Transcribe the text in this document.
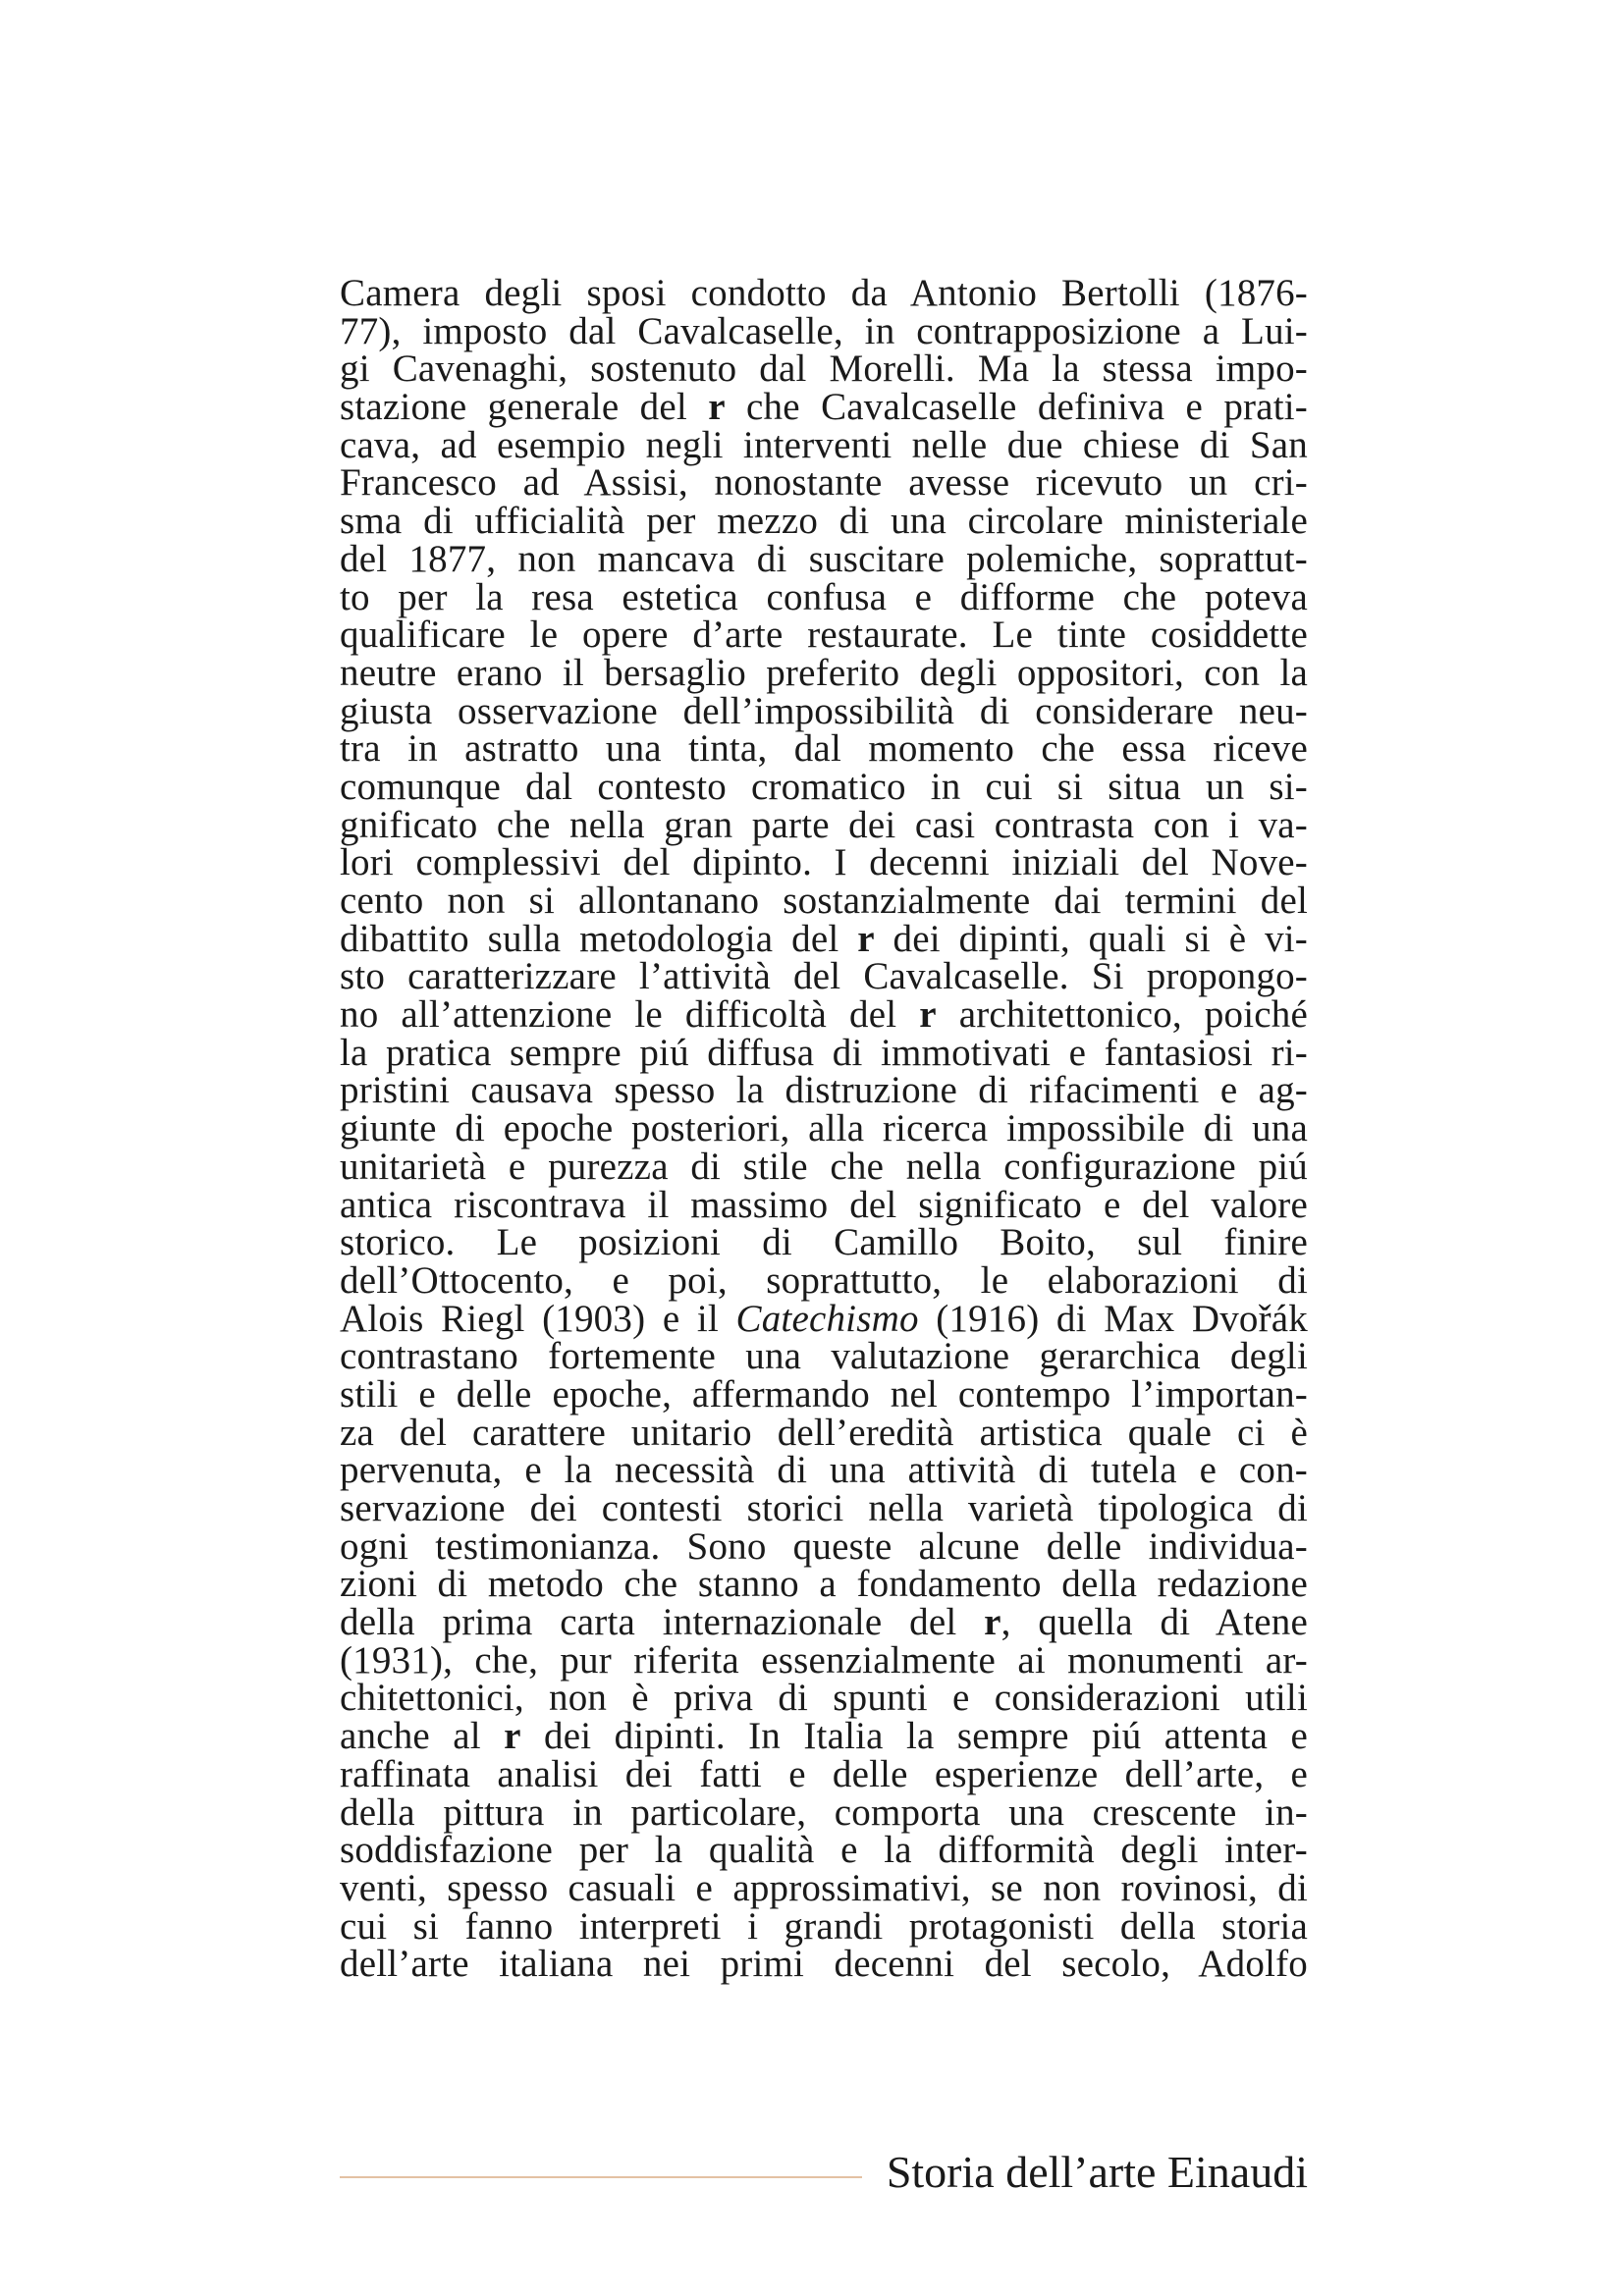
Camera degli sposi condotto da Antonio Bertolli (1876-
77), imposto dal Cavalcaselle, in contrapposizione a Lui-
gi Cavenaghi, sostenuto dal Morelli. Ma la stessa impo-
stazione generale del r che Cavalcaselle definiva e prati-
cava, ad esempio negli interventi nelle due chiese di San
Francesco ad Assisi, nonostante avesse ricevuto un cri-
sma di ufficialità per mezzo di una circolare ministeriale
del 1877, non mancava di suscitare polemiche, soprattut-
to per la resa estetica confusa e difforme che poteva
qualificare le opere d’arte restaurate. Le tinte cosiddette
neutre erano il bersaglio preferito degli oppositori, con la
giusta osservazione dell’impossibilità di considerare neu-
tra in astratto una tinta, dal momento che essa riceve
comunque dal contesto cromatico in cui si situa un si-
gnificato che nella gran parte dei casi contrasta con i va-
lori complessivi del dipinto. I decenni iniziali del Nove-
cento non si allontanano sostanzialmente dai termini del
dibattito sulla metodologia del r dei dipinti, quali si è vi-
sto caratterizzare l’attività del Cavalcaselle. Si propongo-
no all’attenzione le difficoltà del r architettonico, poiché
la pratica sempre piú diffusa di immotivati e fantasiosi ri-
pristini causava spesso la distruzione di rifacimenti e ag-
giunte di epoche posteriori, alla ricerca impossibile di una
unitarietà e purezza di stile che nella configurazione piú
antica riscontrava il massimo del significato e del valore
storico. Le posizioni di Camillo Boito, sul finire
dell’Ottocento, e poi, soprattutto, le elaborazioni di
Alois Riegl (1903) e il Catechismo (1916) di Max Dvořák
contrastano fortemente una valutazione gerarchica degli
stili e delle epoche, affermando nel contempo l’importan-
za del carattere unitario dell’eredità artistica quale ci è
pervenuta, e la necessità di una attività di tutela e con-
servazione dei contesti storici nella varietà tipologica di
ogni testimonianza. Sono queste alcune delle individua-
zioni di metodo che stanno a fondamento della redazione
della prima carta internazionale del r, quella di Atene
(1931), che, pur riferita essenzialmente ai monumenti ar-
chitettonici, non è priva di spunti e considerazioni utili
anche al r dei dipinti. In Italia la sempre piú attenta e
raffinata analisi dei fatti e delle esperienze dell’arte, e
della pittura in particolare, comporta una crescente in-
soddisfazione per la qualità e la difformità degli inter-
venti, spesso casuali e approssimativi, se non rovinosi, di
cui si fanno interpreti i grandi protagonisti della storia
dell’arte italiana nei primi decenni del secolo, Adolfo
Storia dell’arte Einaudi
